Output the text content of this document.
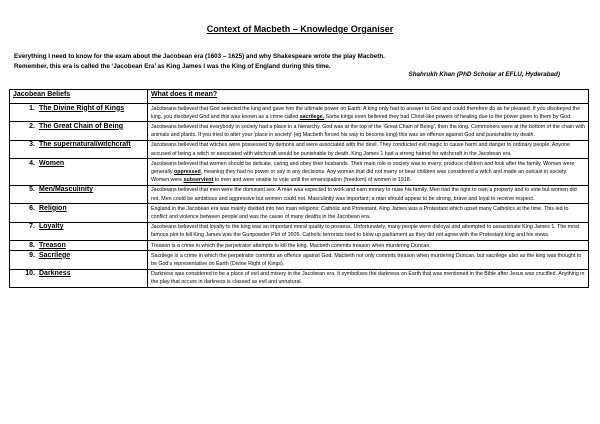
Context of Macbeth – Knowledge Organiser

Everything I need to know for the exam about the Jacobean era (1603 – 1625) and why Shakespeare wrote the play Macbeth.

Remember, this era is called the ‘Jacobean Era’ as King James I was the King of England during this time.

Shahrukh Khan (PhD Scholar at EFLU, Hyderabad)
Jacobean Beliefs	What does it mean?

1. The Divine Right of Kings	Jacobeans believed that God selected the king and gave him the ultimate power on Earth. A king only had to answer to God and could therefore do as he pleased. If you disobeyed the king, you disobeyed God and this was known as a crime called sacrilege. Some kings even believed they had Christ-like powers of healing due to the power given to them by God.

2. The Great Chain of Being	Jacobeans believed that everybody in society had a place in a hierarchy. God was at the top of the ‘Great Chain of Being’, then the king. Commoners were at the bottom of the chain with animals and plants. If you tried to alter your ‘place in society’ (eg Macbeth forced his way to become king) this was an offence against God and punishable by death.

3. The supernatural/witchcraft	Jacobeans believed that witches were possessed by demons and were associated with the devil. They conducted evil magic to cause harm and danger to ordinary people. Anyone accused of being a witch or associated with witchcraft would be punishable by death. King James 1 had a strong hatred for witchcraft in the Jacobean era.

4. Women	Jacobeans believed that women should be delicate, caring and obey their husbands. Their main role in society was to marry, produce children and look after the family. Women were generally oppressed, meaning they had no power or say in any decisions. Any woman that did not marry or bear children was considered a witch and made an outcast in society. Women were subservient to men and were unable to vote until the emancipation (freedom) of women in 1918.

5. Men/Masculinity	Jacobeans believed that men were the dominant sex. A man was expected to work and earn money to raise his family. Men had the right to own a property and to vote but women did not. Men could be ambitious and aggressive but women could not. Masculinity was important; a man should appear to be strong, brave and loyal to receive respect.

6. Religion	England in the Jacobean era was mainly divided into two main religions; Catholic and Protestant. King James was a Protestant which upset many Catholics at the time. This led to conflict and violence between people and was the cause of many deaths in the Jacobean era.

7. Loyalty	Jacobeans believed that loyalty to the king was an important moral quality to possess. Unfortunately, many people were disloyal and attempted to assassinate King James 1. The most famous plot to kill King James was the Gunpowder Plot of 1605. Catholic terrorists tried to blow up parliament as they did not agree with the Protestant king and his views.

8. Treason	Treason is a crime in which the perpetrator attempts to kill the king. Macbeth commits treason when murdering Duncan.

9. Sacrilege	Sacrilege is a crime in which the perpetrator commits an offence against God. Macbeth not only commits treason when murdering Duncan, but sacrilege also as the king was thought to be God’s representative on Earth (Divine Right of Kings).

10. Darkness	Darkness was considered to be a place of evil and misery in the Jacobean era. It symbolises the darkness on Earth that was mentioned in the Bible after Jesus was crucified. Anything in the play that occurs in darkness is classed as evil and unnatural.
